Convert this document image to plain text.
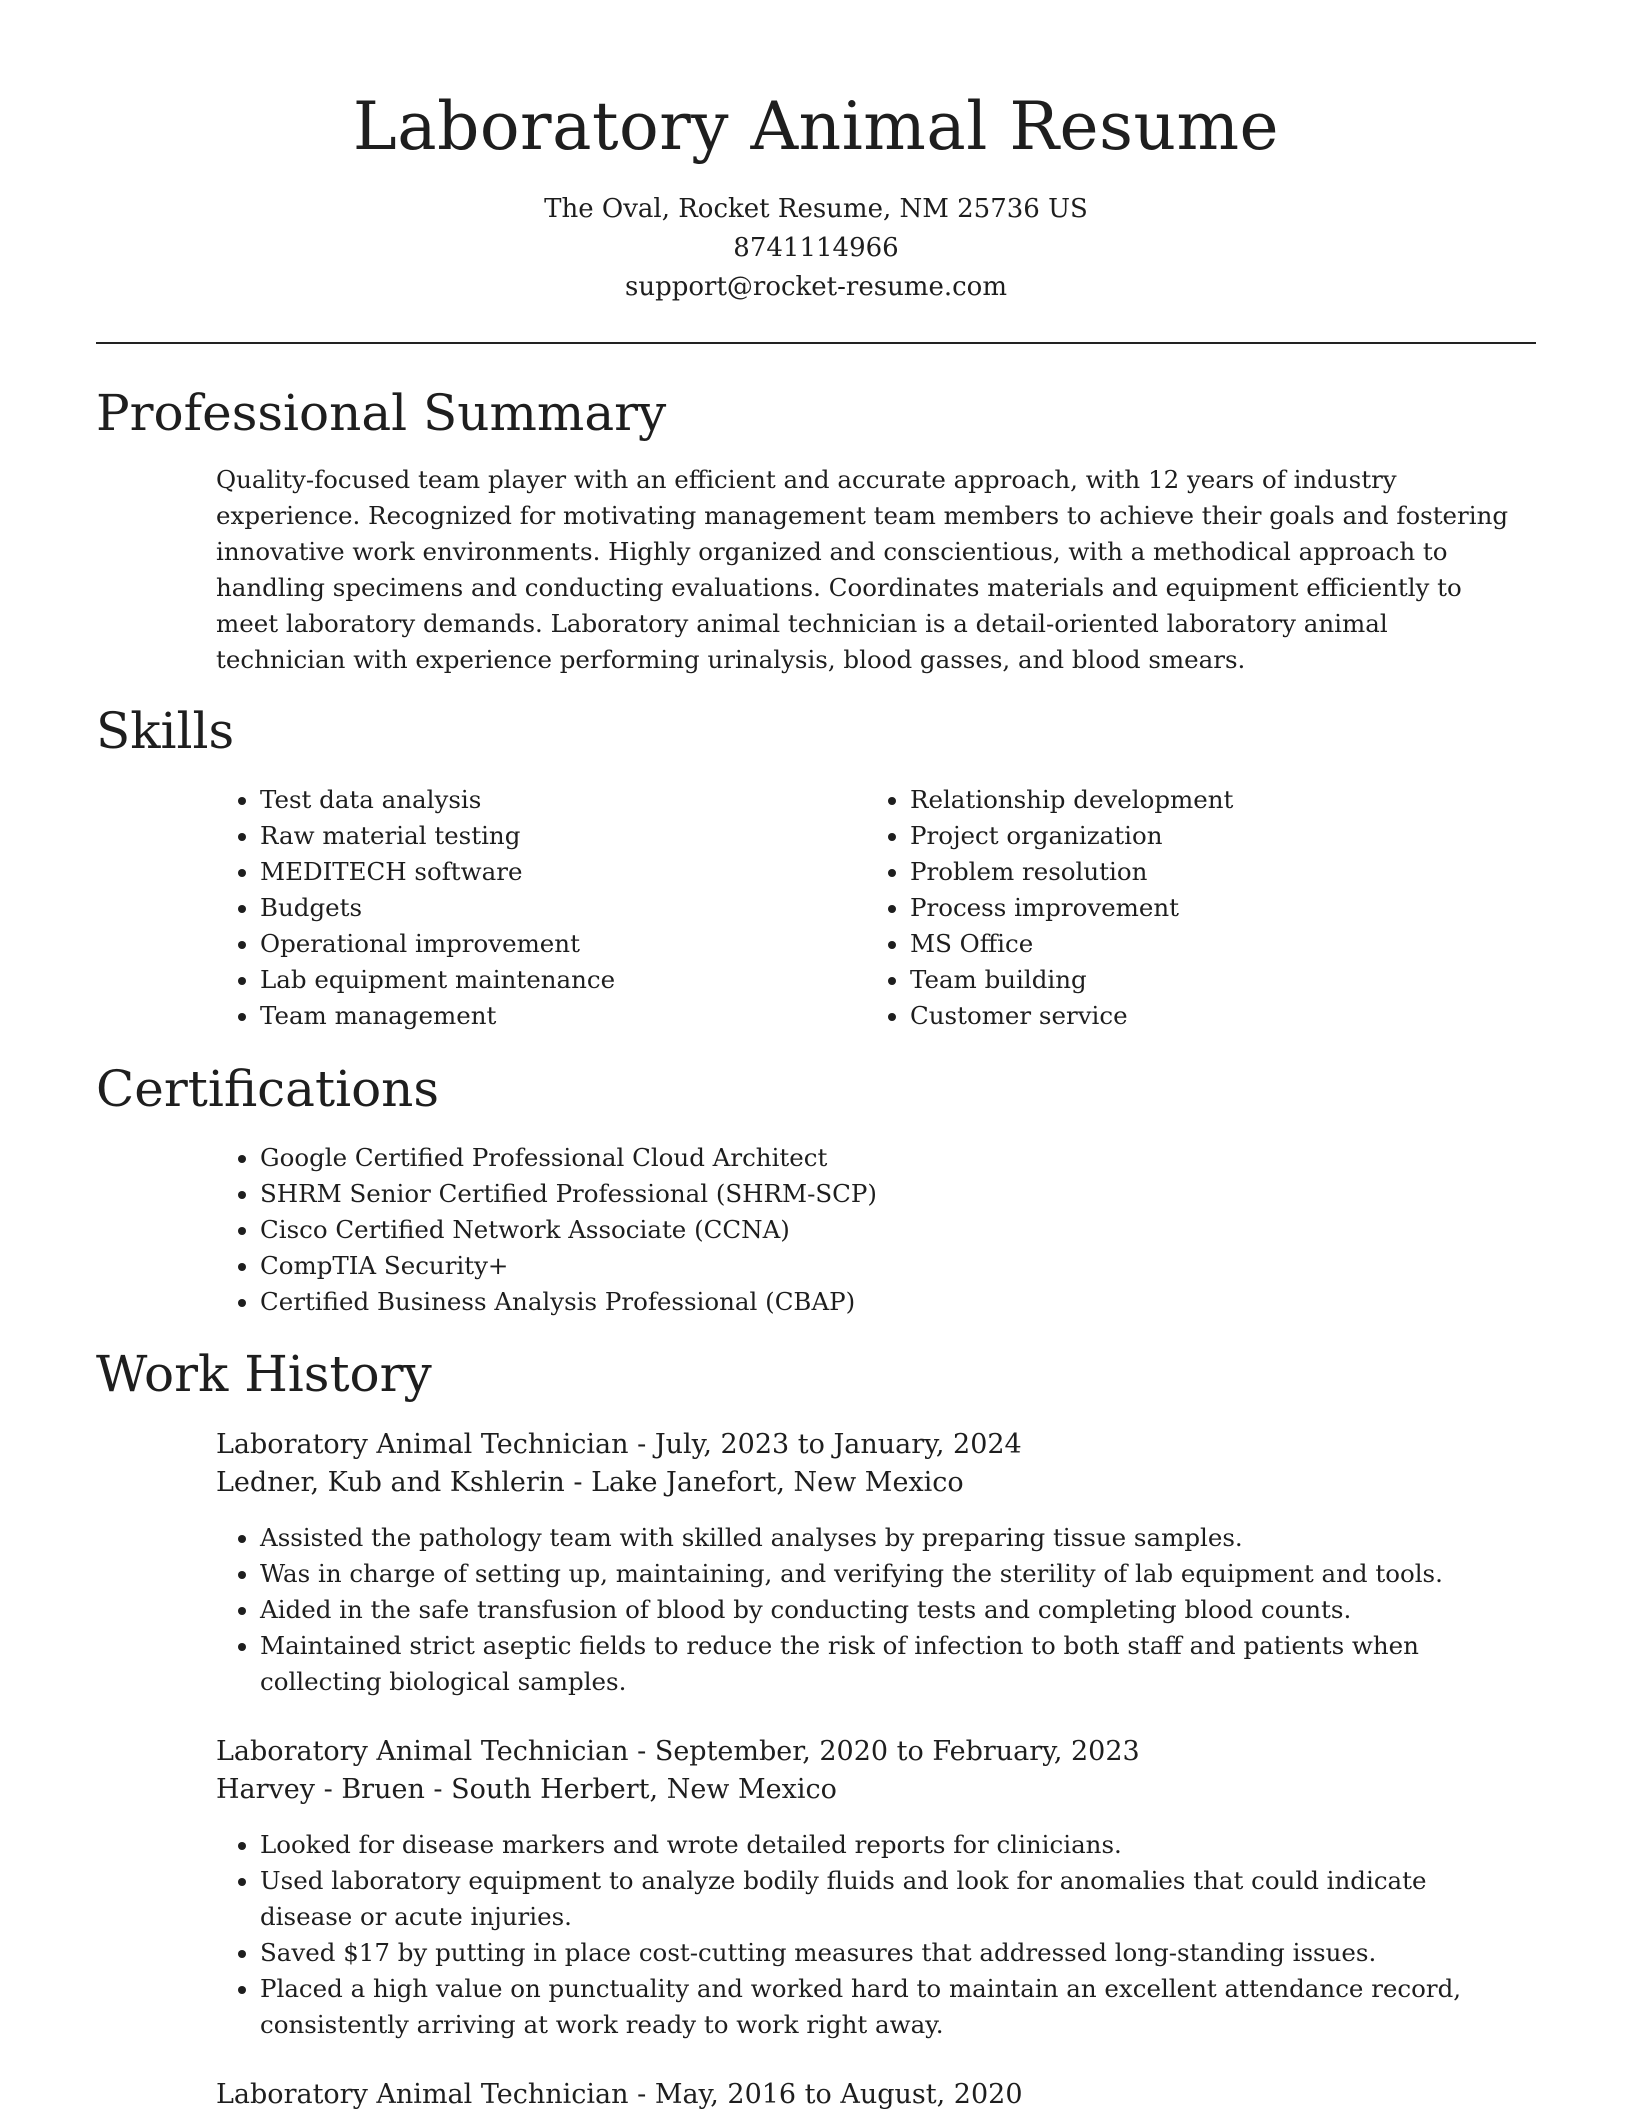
Laboratory Animal Resume
The Oval, Rocket Resume, NM 25736 US
8741114966
support@rocket-resume.com
Professional Summary

Quality-focused team player with an efficient and accurate approach, with 12 years of industry experience. Recognized for motivating management team members to achieve their goals and fostering innovative work environments. Highly organized and conscientious, with a methodical approach to handling specimens and conducting evaluations. Coordinates materials and equipment efficiently to meet laboratory demands. Laboratory animal technician is a detail-oriented laboratory animal technician with experience performing urinalysis, blood gasses, and blood smears.

Skills
• Test data analysis
• Raw material testing
• MEDITECH software
• Budgets
• Operational improvement
• Lab equipment maintenance
• Team management
• Relationship development
• Project organization
• Problem resolution
• Process improvement
• MS Office
• Team building
• Customer service
Certifications
• Google Certified Professional Cloud Architect
• SHRM Senior Certified Professional (SHRM-SCP)
• Cisco Certified Network Associate (CCNA)
• CompTIA Security+
• Certified Business Analysis Professional (CBAP)
Work History
Laboratory Animal Technician - July, 2023 to January, 2024
Ledner, Kub and Kshlerin - Lake Janefort, New Mexico
• Assisted the pathology team with skilled analyses by preparing tissue samples.
• Was in charge of setting up, maintaining, and verifying the sterility of lab equipment and tools.
• Aided in the safe transfusion of blood by conducting tests and completing blood counts.
• Maintained strict aseptic fields to reduce the risk of infection to both staff and patients when collecting biological samples.
Laboratory Animal Technician - September, 2020 to February, 2023
Harvey - Bruen - South Herbert, New Mexico
• Looked for disease markers and wrote detailed reports for clinicians.
• Used laboratory equipment to analyze bodily fluids and look for anomalies that could indicate disease or acute injuries.
• Saved $17 by putting in place cost-cutting measures that addressed long-standing issues.
• Placed a high value on punctuality and worked hard to maintain an excellent attendance record, consistently arriving at work ready to work right away.
Laboratory Animal Technician - May, 2016 to August, 2020
